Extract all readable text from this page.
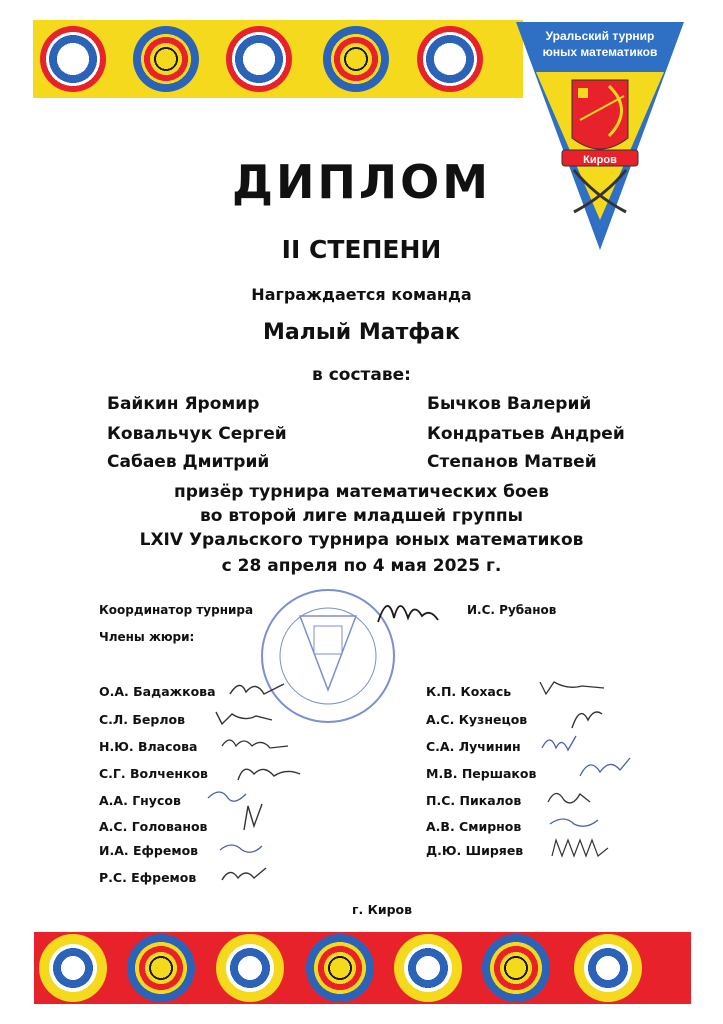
Уральский турнир
юных математиков
Киров
ДИПЛОМ
II СТЕПЕНИ
Награждается команда
Малый Матфак
в составе:
Байкин Яромир
Ковальчук Сергей
Сабаев Дмитрий
Бычков Валерий
Кондратьев Андрей
Степанов Матвей
призёр турнира математических боев
во второй лиге младшей группы
LXIV Уральского турнира юных математиков
с 28 апреля по 4 мая 2025 г.
Координатор турнира	И.С. Рубанов
Члены жюри:
О.А. Бадажкова
С.Л. Берлов
Н.Ю. Власова
С.Г. Волченков
А.А. Гнусов
А.С. Голованов
И.А. Ефремов
Р.С. Ефремов
К.П. Кохась
А.С. Кузнецов
С.А. Лучинин
М.В. Першаков
П.С. Пикалов
А.В. Смирнов
Д.Ю. Ширяев
г. Киров
